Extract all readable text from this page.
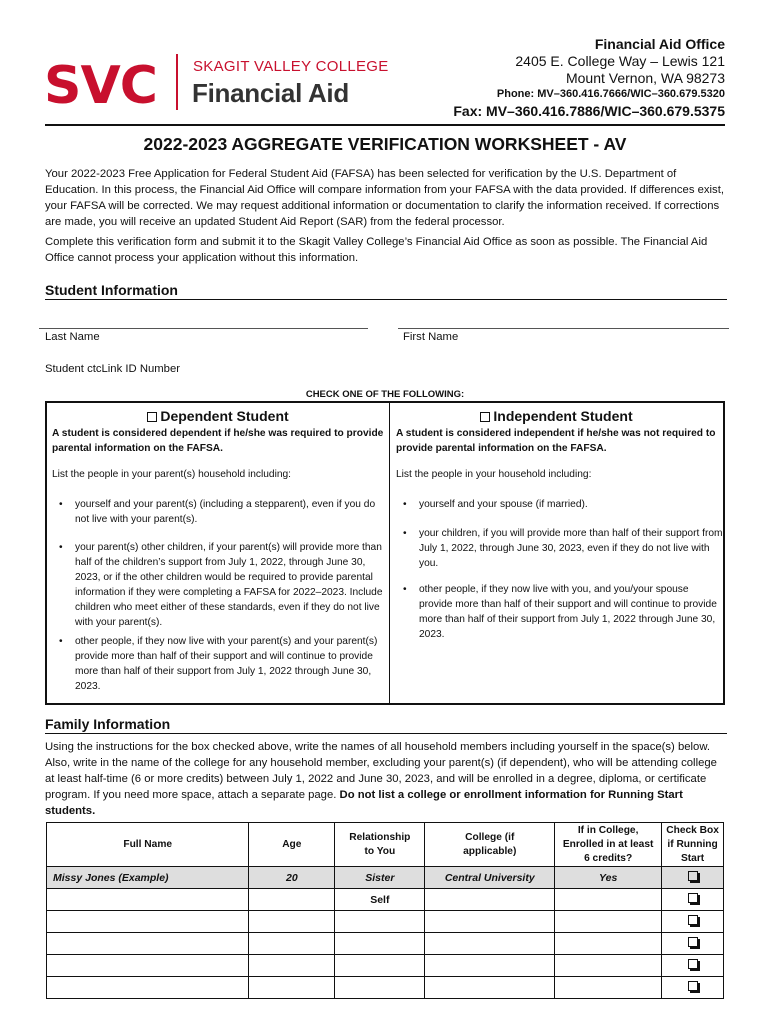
SVC SKAGIT VALLEY COLLEGE
Financial Aid
Financial Aid Office
2405 E. College Way – Lewis 121
Mount Vernon, WA 98273
Phone: MV–360.416.7666/WIC–360.679.5320
Fax: MV–360.416.7886/WIC–360.679.5375
2022-2023 AGGREGATE VERIFICATION WORKSHEET - AV
Your 2022-2023 Free Application for Federal Student Aid (FAFSA) has been selected for verification by the U.S. Department of Education. In this process, the Financial Aid Office will compare information from your FAFSA with the data provided. If differences exist, your FAFSA will be corrected. We may request additional information or documentation to clarify the information received. If corrections are made, you will receive an updated Student Aid Report (SAR) from the federal processor.
Complete this verification form and submit it to the Skagit Valley College’s Financial Aid Office as soon as possible. The Financial Aid Office cannot process your application without this information.
Student Information
Last Name	First Name
Student ctcLink ID Number
CHECK ONE OF THE FOLLOWING:
Dependent Student
A student is considered dependent if he/she was required to provide parental information on the FAFSA.
List the people in your parent(s) household including:
• yourself and your parent(s) (including a stepparent), even if you do not live with your parent(s).
• your parent(s) other children, if your parent(s) will provide more than half of the children’s support from July 1, 2022, through June 30, 2023, or if the other children would be required to provide parental information if they were completing a FAFSA for 2022–2023. Include children who meet either of these standards, even if they do not live with your parent(s).
• other people, if they now live with your parent(s) and your parent(s) provide more than half of their support and will continue to provide more than half of their support from July 1, 2022 through June 30, 2023.
Independent Student
A student is considered independent if he/she was not required to provide parental information on the FAFSA.
List the people in your household including:
• yourself and your spouse (if married).
• your children, if you will provide more than half of their support from July 1, 2022, through June 30, 2023, even if they do not live with you.
• other people, if they now live with you, and you/your spouse provide more than half of their support and will continue to provide more than half of their support from July 1, 2022 through June 30, 2023.
Family Information
Using the instructions for the box checked above, write the names of all household members including yourself in the space(s) below. Also, write in the name of the college for any household member, excluding your parent(s) (if dependent), who will be attending college at least half-time (6 or more credits) between July 1, 2022 and June 30, 2023, and will be enrolled in a degree, diploma, or certificate program. If you need more space, attach a separate page. Do not list a college or enrollment information for Running Start students.
Full Name	Age	Relationship to You	College (if applicable)	If in College, Enrolled in at least 6 credits?	Check Box if Running Start
Missy Jones (Example)	20	Sister	Central University	Yes	
		Self			
